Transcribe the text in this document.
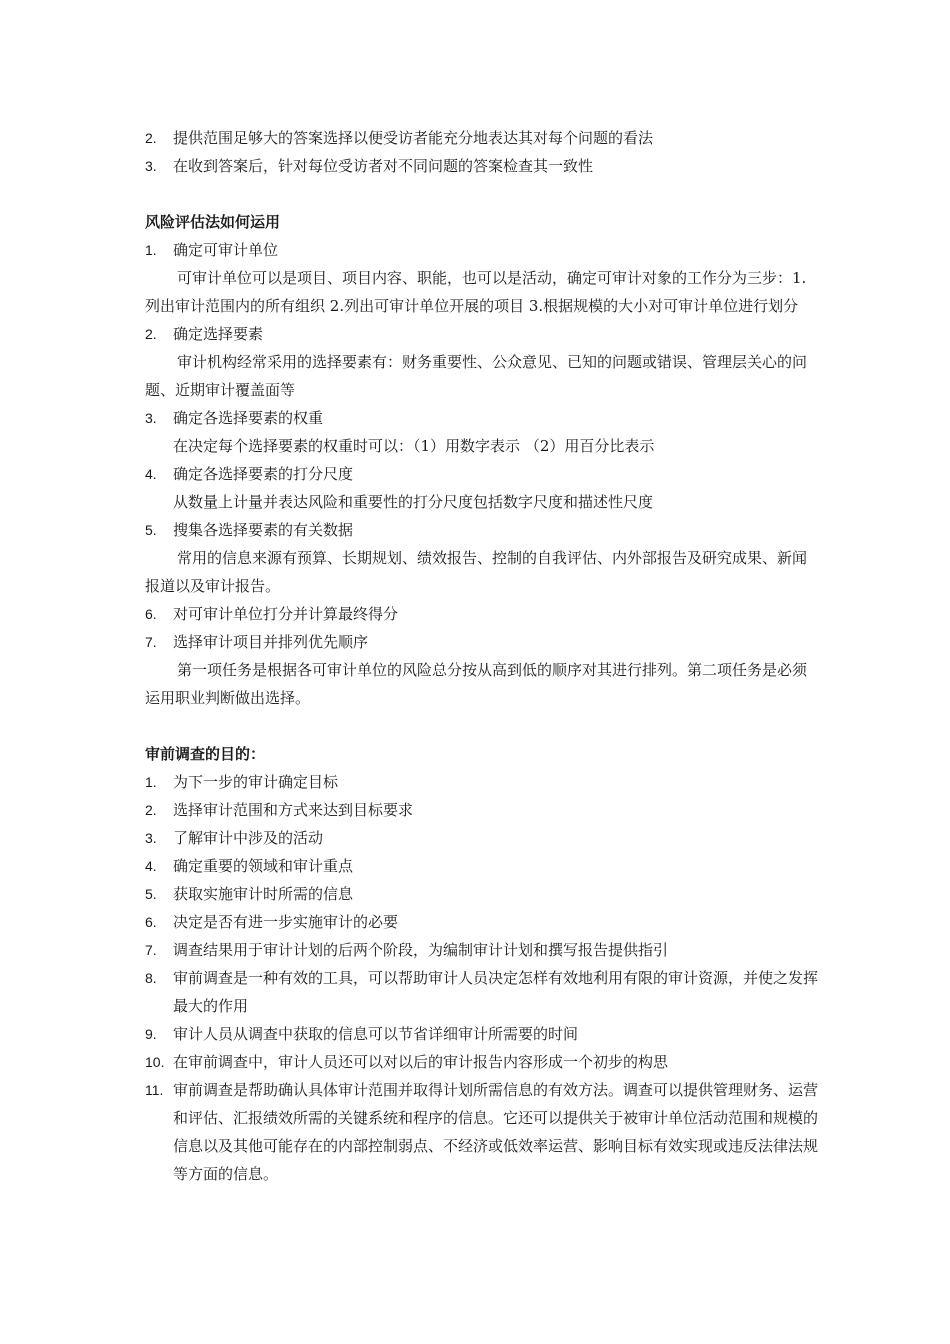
2.	提供范围足够大的答案选择以便受访者能充分地表达其对每个问题的看法
3.	在收到答案后，针对每位受访者对不同问题的答案检查其一致性
风险评估法如何运用
1.	确定可审计单位
可审计单位可以是项目、项目内容、职能，也可以是活动，确定可审计对象的工作分为三步：1.列出审计范围内的所有组织 2.列出可审计单位开展的项目 3.根据规模的大小对可审计单位进行划分
2.	确定选择要素
审计机构经常采用的选择要素有：财务重要性、公众意见、已知的问题或错误、管理层关心的问题、近期审计覆盖面等
3.	确定各选择要素的权重
在决定每个选择要素的权重时可以：（1）用数字表示 （2）用百分比表示
4.	确定各选择要素的打分尺度
从数量上计量并表达风险和重要性的打分尺度包括数字尺度和描述性尺度
5.	搜集各选择要素的有关数据
常用的信息来源有预算、长期规划、绩效报告、控制的自我评估、内外部报告及研究成果、新闻报道以及审计报告。
6.	对可审计单位打分并计算最终得分
7.	选择审计项目并排列优先顺序
第一项任务是根据各可审计单位的风险总分按从高到低的顺序对其进行排列。第二项任务是必须运用职业判断做出选择。
审前调查的目的：
1.	为下一步的审计确定目标
2.	选择审计范围和方式来达到目标要求
3.	了解审计中涉及的活动
4.	确定重要的领域和审计重点
5.	获取实施审计时所需的信息
6.	决定是否有进一步实施审计的必要
7.	调查结果用于审计计划的后两个阶段，为编制审计计划和撰写报告提供指引
8.	审前调查是一种有效的工具，可以帮助审计人员决定怎样有效地利用有限的审计资源，并使之发挥最大的作用
9.	审计人员从调查中获取的信息可以节省详细审计所需要的时间
10. 在审前调查中，审计人员还可以对以后的审计报告内容形成一个初步的构思
11. 审前调查是帮助确认具体审计范围并取得计划所需信息的有效方法。调查可以提供管理财务、运营和评估、汇报绩效所需的关键系统和程序的信息。它还可以提供关于被审计单位活动范围和规模的信息以及其他可能存在的内部控制弱点、不经济或低效率运营、影响目标有效实现或违反法律法规等方面的信息。
